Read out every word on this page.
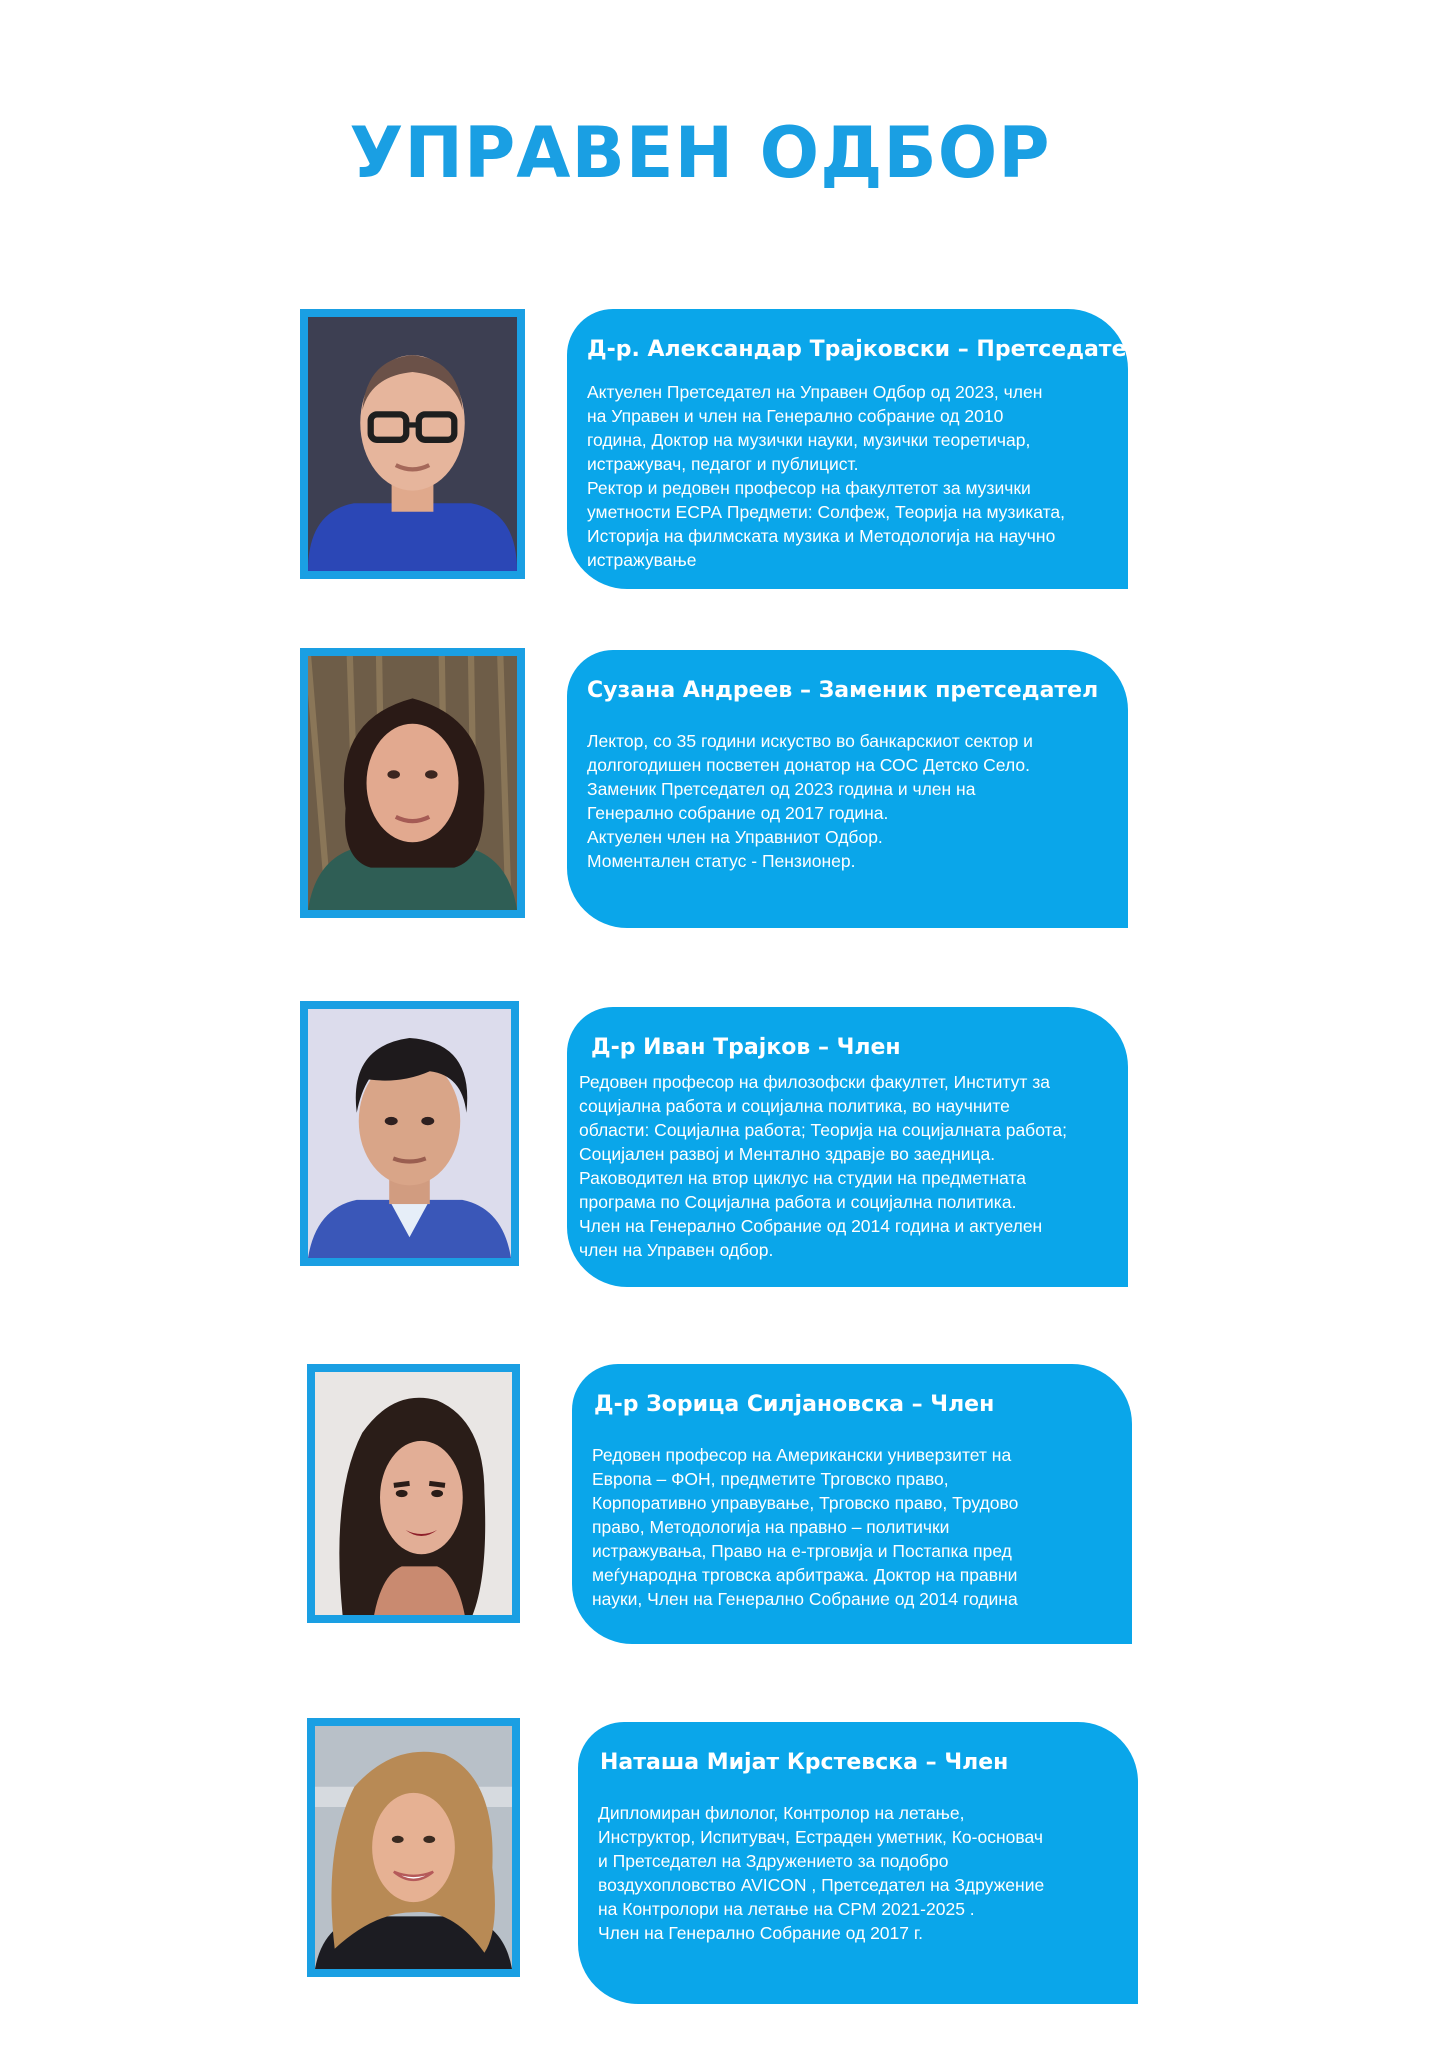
УПРАВЕН ОДБОР
Д-р. Александар Трајковски – Претседател

Актуелен Претседател на Управен Одбор од 2023, член
на Управен и член на Генерално собрание од 2010
година, Доктор на музички науки, музички теоретичар,
истражувач, педагог и публицист.
Ректор и редовен професор на факултетот за музички
уметности ЕСРА Предмети: Солфеж, Теорија на музиката,
Историја на филмската музика и Методологија на научно
истражување

Сузана Андреев – Заменик претседател

Лектор, со 35 години искуство во банкарскиот сектор и
долгогодишен посветен донатор на СОС Детско Село.
Заменик Претседател од 2023 година и член на
Генерално собрание од 2017 година.
Актуелен член на Управниот Одбор.
Моментален статус - Пензионер.

Д-р Иван Трајков – Член

Редовен професор на филозофски факултет, Институт за
социјална работа и социјална политика, во научните
области: Социјална работа; Теорија на социјалната работа;
Социјален развој и Ментално здравје во заедница.
Раководител на втор циклус на студии на предметната
програма по Социјална работа и социјална политика.
Член на Генерално Собрание од 2014 година и актуелен
член на Управен одбор.

Д-р Зорица Силјановска – Член

Редовен професор на Американски универзитет на
Европа – ФОН, предметите Трговско право,
Корпоративно управување, Трговско право, Трудово
право, Методологија на правно – политички
истражувања, Право на е-трговија и Постапка пред
меѓународна трговска арбитража. Доктор на правни
науки, Член на Генерално Собрание од 2014 година

Наташа Мијат Крстевска – Член

Дипломиран филолог, Контролор на летање,
Инструктор, Испитувач, Естраден уметник, Ко-основач
и Претседател на Здружението за подобро
воздухопловство AVICON , Претседател на Здружение
на Контролори на летање на СРМ 2021-2025 .
Член на Генерално Собрание од 2017 г.
